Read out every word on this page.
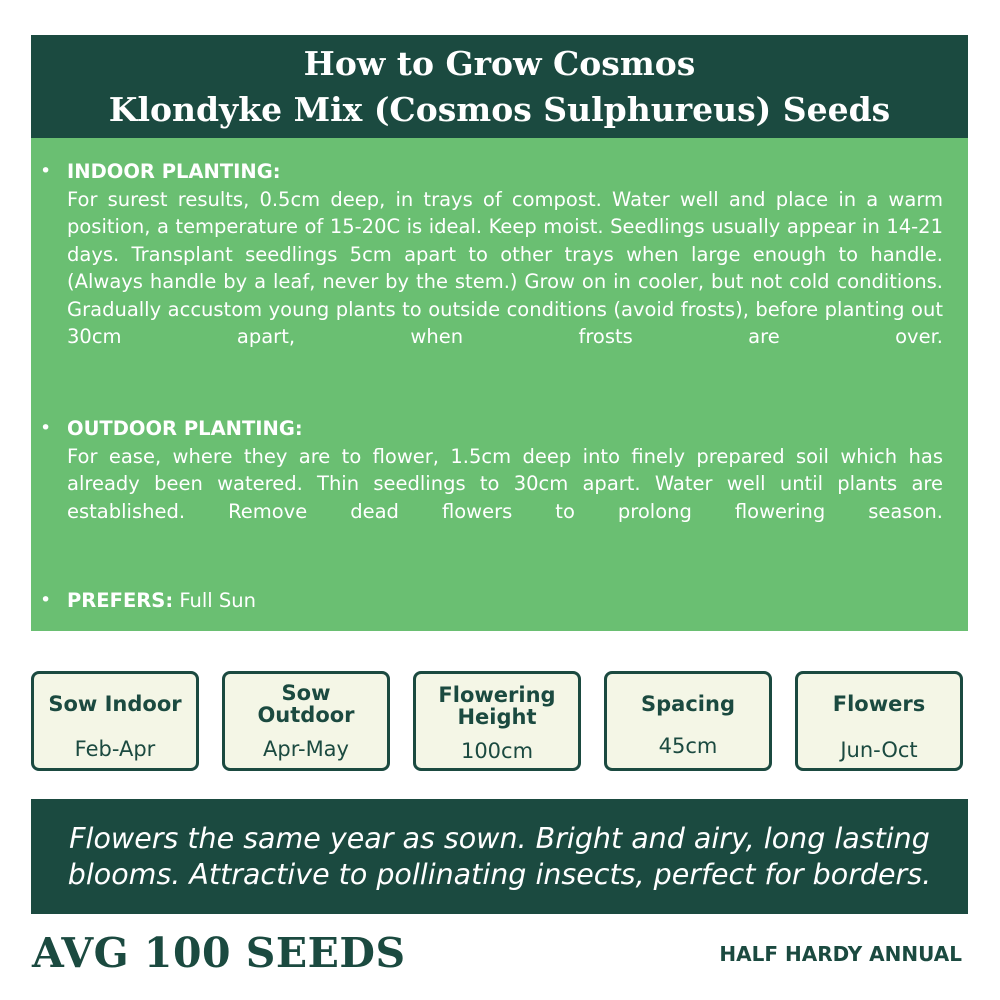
How to Grow Cosmos
Klondyke Mix (Cosmos Sulphureus) Seeds
• INDOOR PLANTING:
For surest results, 0.5cm deep, in trays of compost. Water well and place in a warm position, a temperature of 15-20C is ideal. Keep moist. Seedlings usually appear in 14-21 days. Transplant seedlings 5cm apart to other trays when large enough to handle. (Always handle by a leaf, never by the stem.) Grow on in cooler, but not cold conditions. Gradually accustom young plants to outside conditions (avoid frosts), before planting out 30cm apart, when frosts are over.
• OUTDOOR PLANTING:
For ease, where they are to flower, 1.5cm deep into finely prepared soil which has already been watered. Thin seedlings to 30cm apart. Water well until plants are established. Remove dead flowers to prolong flowering season.
• PREFERS: Full Sun
Sow Indoor
Feb-Apr
Sow
Outdoor
Apr-May
Flowering
Height
100cm
Spacing
45cm
Flowers
Jun-Oct
Flowers the same year as sown. Bright and airy, long lasting
blooms. Attractive to pollinating insects, perfect for borders.
AVG 100 SEEDS	HALF HARDY ANNUAL
